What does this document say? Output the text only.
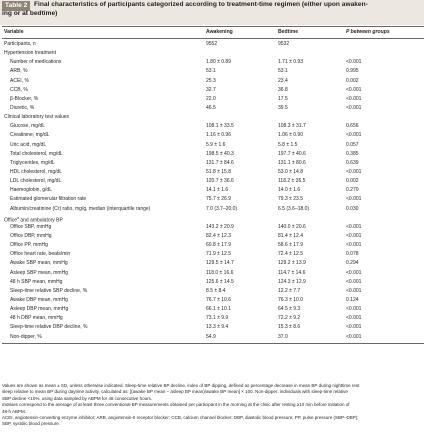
Table 2	Final characteristics of participants categorized according to treatment-time regimen (either upon awaken-
ing or at bedtime)
Variable	Awakening	Bedtime	P between groups
Participants, n	9552	9532
Hypertension treatment
Number of medications	1.80 ± 0.89	1.71 ± 0.93	<0.001
ARB, %	53.1	53.1	0.995
ACEI, %	25.3	23.4	0.002
CCB, %	32.7	36.8	<0.001
β-Blocker, %	22.0	17.5	<0.001
Diuretic, %	46.5	39.5	<0.001
Clinical laboratory test values
Glucose, mg/dL	108.1 ± 33.5	108.3 ± 31.7	0.656
Creatinine, mg/dL	1.16 ± 0.96	1.06 ± 0.90	<0.001
Uric acid, mg/dL	5.9 ± 1.6	5.8 ± 1.5	0.057
Total cholesterol, mg/dL	198.5 ± 40.3	197.7 ± 40.6	0.385
Triglycerides, mg/dL	131.7 ± 84.6	131.1 ± 80.6	0.639
HDL cholesterol, mg/dL	51.8 ± 15.8	53.0 ± 14.8	<0.001
LDL cholesterol, mg/dL	120.7 ± 36.6	118.2 ± 36.5	0.002
Haemoglobin, g/dL	14.1 ± 1.6	14.0 ± 1.6	0.270
Estimated glomerular filtration rate	75.7 ± 26.9	79.3 ± 23.5	<0.001
Albumin/creatinine (Cr) ratio, mg/g, median (interquartile range)	7.0 (3.7–20.0)	6.5 (3.6–18.0)	0.030
Office$^a$ and ambulatory BP
Office SBP, mmHg	143.2 ± 20.9	140.0 ± 20.6	<0.001
Office DBP, mmHg	82.4 ± 12.3	81.4 ± 12.4	<0.001
Office PP, mmHg	60.8 ± 17.9	58.6 ± 17.9	<0.001
Office heart rate, beats/min	71.9 ± 12.5	72.4 ± 12.5	0.078
Awake SBP mean, mmHg	129.5 ± 14.7	129.2 ± 13.9	0.294
Asleep SBP mean, mmHg	118.0 ± 16.6	114.7 ± 14.6	<0.001
48 h SBP mean, mmHg	125.6 ± 14.5	124.3 ± 12.9	<0.001
Sleep-time relative SBP decline, %	8.5 ± 8.4	12.2 ± 7.7	<0.001
Awake DBP mean, mmHg	76.7 ± 10.6	76.3 ± 10.0	0.124
Asleep DBP mean, mmHg	66.1 ± 10.1	64.5 ± 9.3	<0.001
48 h DBP mean, mmHg	73.1 ± 9.9	72.2 ± 9.2	<0.001
Sleep-time relative DBP decline, %	13.3 ± 9.4	15.3 ± 8.6	<0.001
Non-dipper, %	54.9	37.0	<0.001
Values are shown as mean ± SD, unless otherwise indicated. Sleep-time relative BP decline, index of BP dipping, defined as percentage decrease in mean BP during nighttime rest
sleep relative to mean BP during daytime activity, calculated as: [(awake BP mean – asleep BP mean)/awake BP mean] × 100. Non-dipper: individuals with sleep-time relative
SBP decline <10%, using data sampled by ABPM for 48 consecutive hours.
aValues correspond to the average of at least three conventional BP measurements obtained per participant in the morning at the clinic after resting ≥10 min before initiation of
48-h ABPM.
ACEI, angiotensin-converting enzyme inhibitor; ARB, angiotensin-II receptor blocker; CCB, calcium channel blocker; DBP, diastolic blood pressure; PP, pulse pressure (SBP–DBP);
SBP, systolic blood pressure.
